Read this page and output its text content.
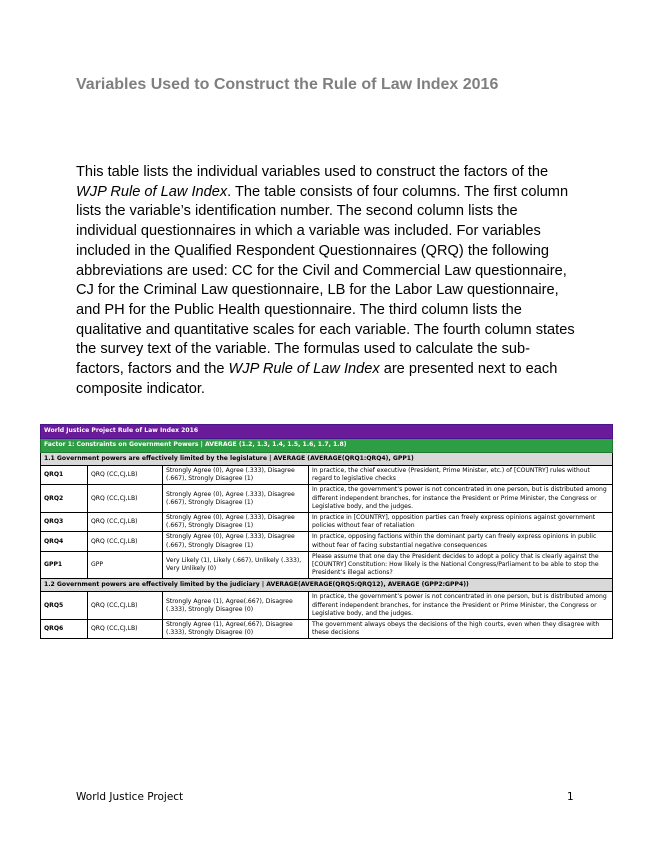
Variables Used to Construct the Rule of Law Index 2016

This table lists the individual variables used to construct the factors of the WJP Rule of Law Index. The table consists of four columns. The first column lists the variable’s identification number. The second column lists the individual questionnaires in which a variable was included. For variables included in the Qualified Respondent Questionnaires (QRQ) the following abbreviations are used: CC for the Civil and Commercial Law questionnaire, CJ for the Criminal Law questionnaire, LB for the Labor Law questionnaire, and PH for the Public Health questionnaire. The third column lists the qualitative and quantitative scales for each variable. The fourth column states the survey text of the variable. The formulas used to calculate the sub-factors, factors and the WJP Rule of Law Index are presented next to each composite indicator.

World Justice Project Rule of Law Index 2016			
Factor 1: Constraints on Government Powers | AVERAGE (1.2, 1.3, 1.4, 1.5, 1.6, 1.7, 1.8)			
1.1 Government powers are effectively limited by the legislature | AVERAGE (AVERAGE(QRQ1:QRQ4), GPP1)			
QRQ1	QRQ (CC,CJ,LB)	Strongly Agree (0), Agree (.333), Disagree (.667), Strongly Disagree (1)	In practice, the chief executive (President, Prime Minister, etc.) of [COUNTRY] rules without regard to legislative checks
QRQ2	QRQ (CC,CJ,LB)	Strongly Agree (0), Agree (.333), Disagree (.667), Strongly Disagree (1)	In practice, the government’s power is not concentrated in one person, but is distributed among different independent branches, for instance the President or Prime Minister, the Congress or Legislative body, and the judges.
QRQ3	QRQ (CC,CJ,LB)	Strongly Agree (0), Agree (.333), Disagree (.667), Strongly Disagree (1)	In practice in [COUNTRY], opposition parties can freely express opinions against government policies without fear of retaliation
QRQ4	QRQ (CC,CJ,LB)	Strongly Agree (0), Agree (.333), Disagree (.667), Strongly Disagree (1)	In practice, opposing factions within the dominant party can freely express opinions in public without fear of facing substantial negative consequences
GPP1	GPP	Very Likely (1), Likely (.667), Unlikely (.333), Very Unlikely (0)	Please assume that one day the President decides to adopt a policy that is clearly against the [COUNTRY] Constitution: How likely is the National Congress/Parliament to be able to stop the President’s illegal actions?
1.2 Government powers are effectively limited by the judiciary | AVERAGE(AVERAGE(QRQ5:QRQ12), AVERAGE (GPP2:GPP4))			
QRQ5	QRQ (CC,CJ,LB)	Strongly Agree (1), Agree(.667), Disagree (.333), Strongly Disagree (0)	In practice, the government’s power is not concentrated in one person, but is distributed among different independent branches, for instance the President or Prime Minister, the Congress or Legislative body, and the judges.
QRQ6	QRQ (CC,CJ,LB)	Strongly Agree (1), Agree(.667), Disagree (.333), Strongly Disagree (0)	The government always obeys the decisions of the high courts, even when they disagree with these decisions
World Justice Project	1
